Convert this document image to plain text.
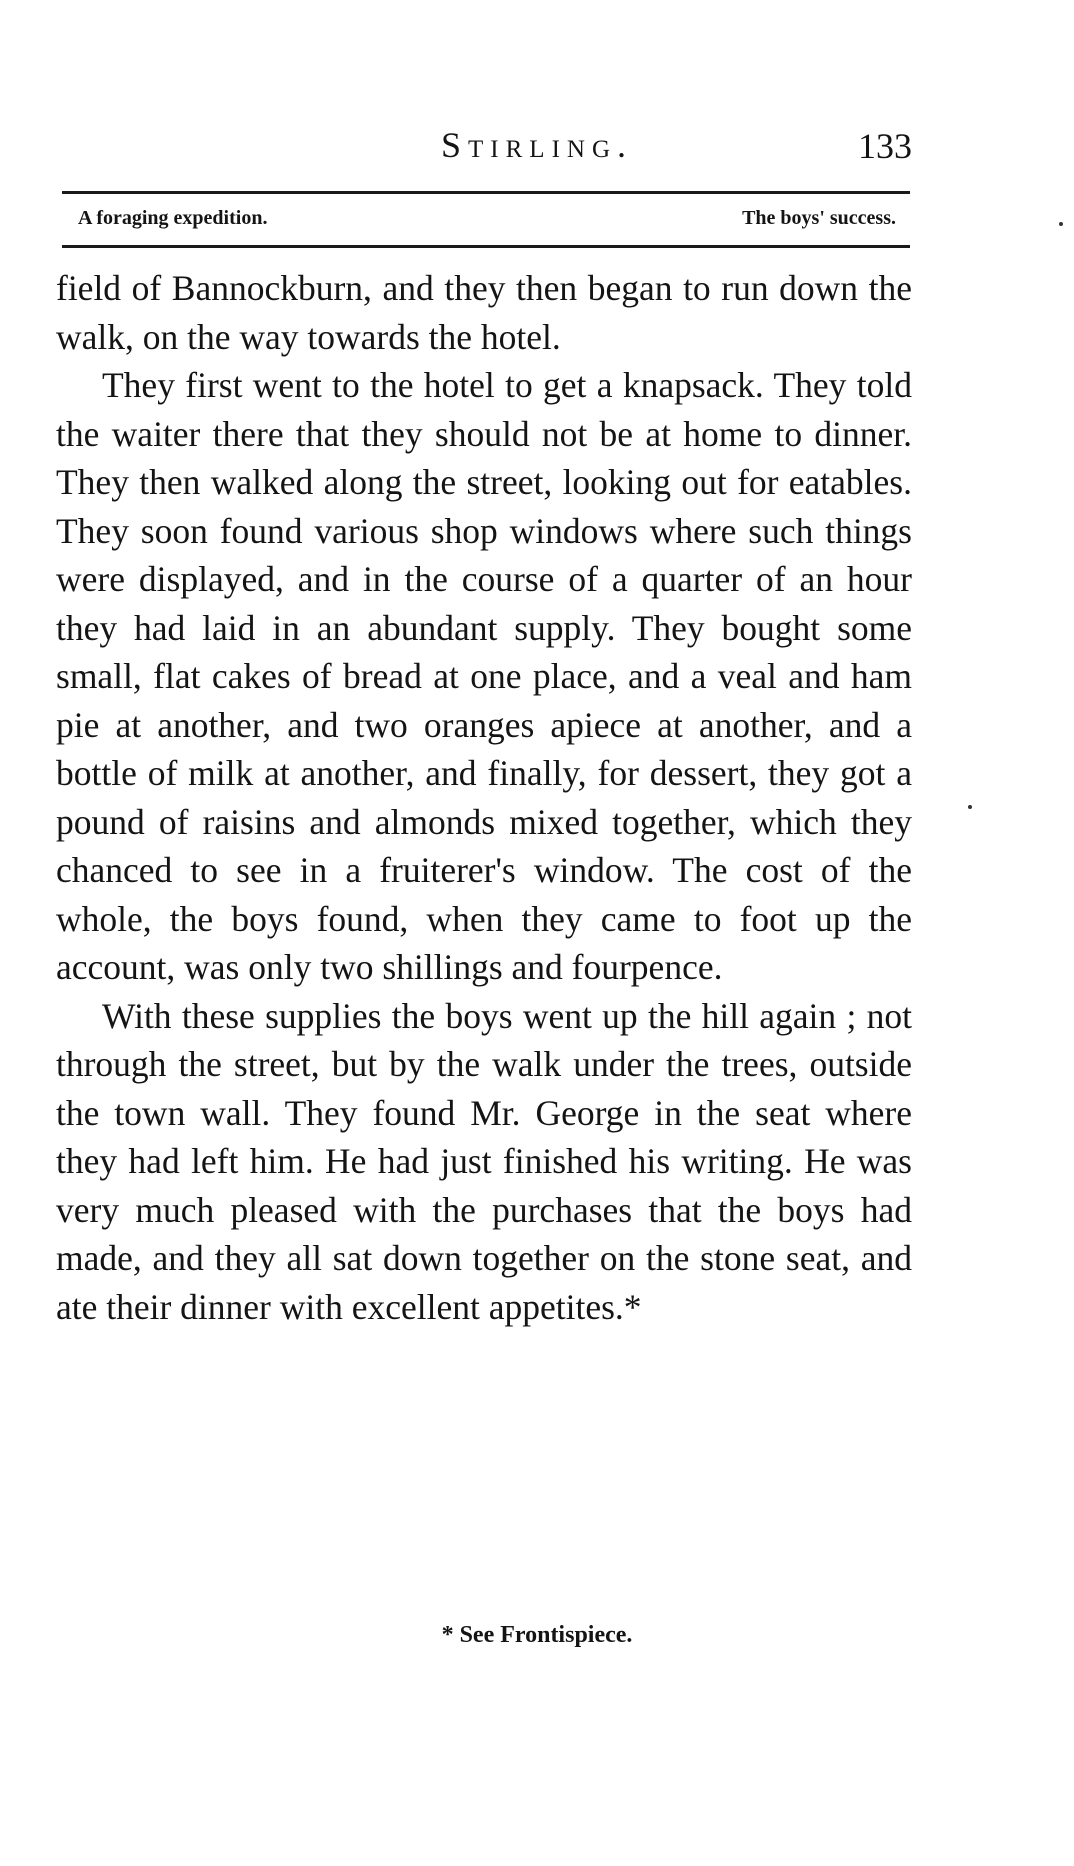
Stirling.	133
A foraging expedition.	The boys' success.

field of Bannockburn, and they then began to run down the walk, on the way towards the hotel.

They first went to the hotel to get a knapsack. They told the waiter there that they should not be at home to dinner. They then walked along the street, looking out for eatables. They soon found various shop windows where such things were displayed, and in the course of a quarter of an hour they had laid in an abundant supply. They bought some small, flat cakes of bread at one place, and a veal and ham pie at another, and two oranges apiece at another, and a bottle of milk at another, and finally, for dessert, they got a pound of raisins and almonds mixed together, which they chanced to see in a fruiterer's window. The cost of the whole, the boys found, when they came to foot up the account, was only two shillings and fourpence.

With these supplies the boys went up the hill again ; not through the street, but by the walk under the trees, outside the town wall. They found Mr. George in the seat where they had left him. He had just finished his writing. He was very much pleased with the purchases that the boys had made, and they all sat down together on the stone seat, and ate their dinner with excellent appetites.*

* See Frontispiece.
